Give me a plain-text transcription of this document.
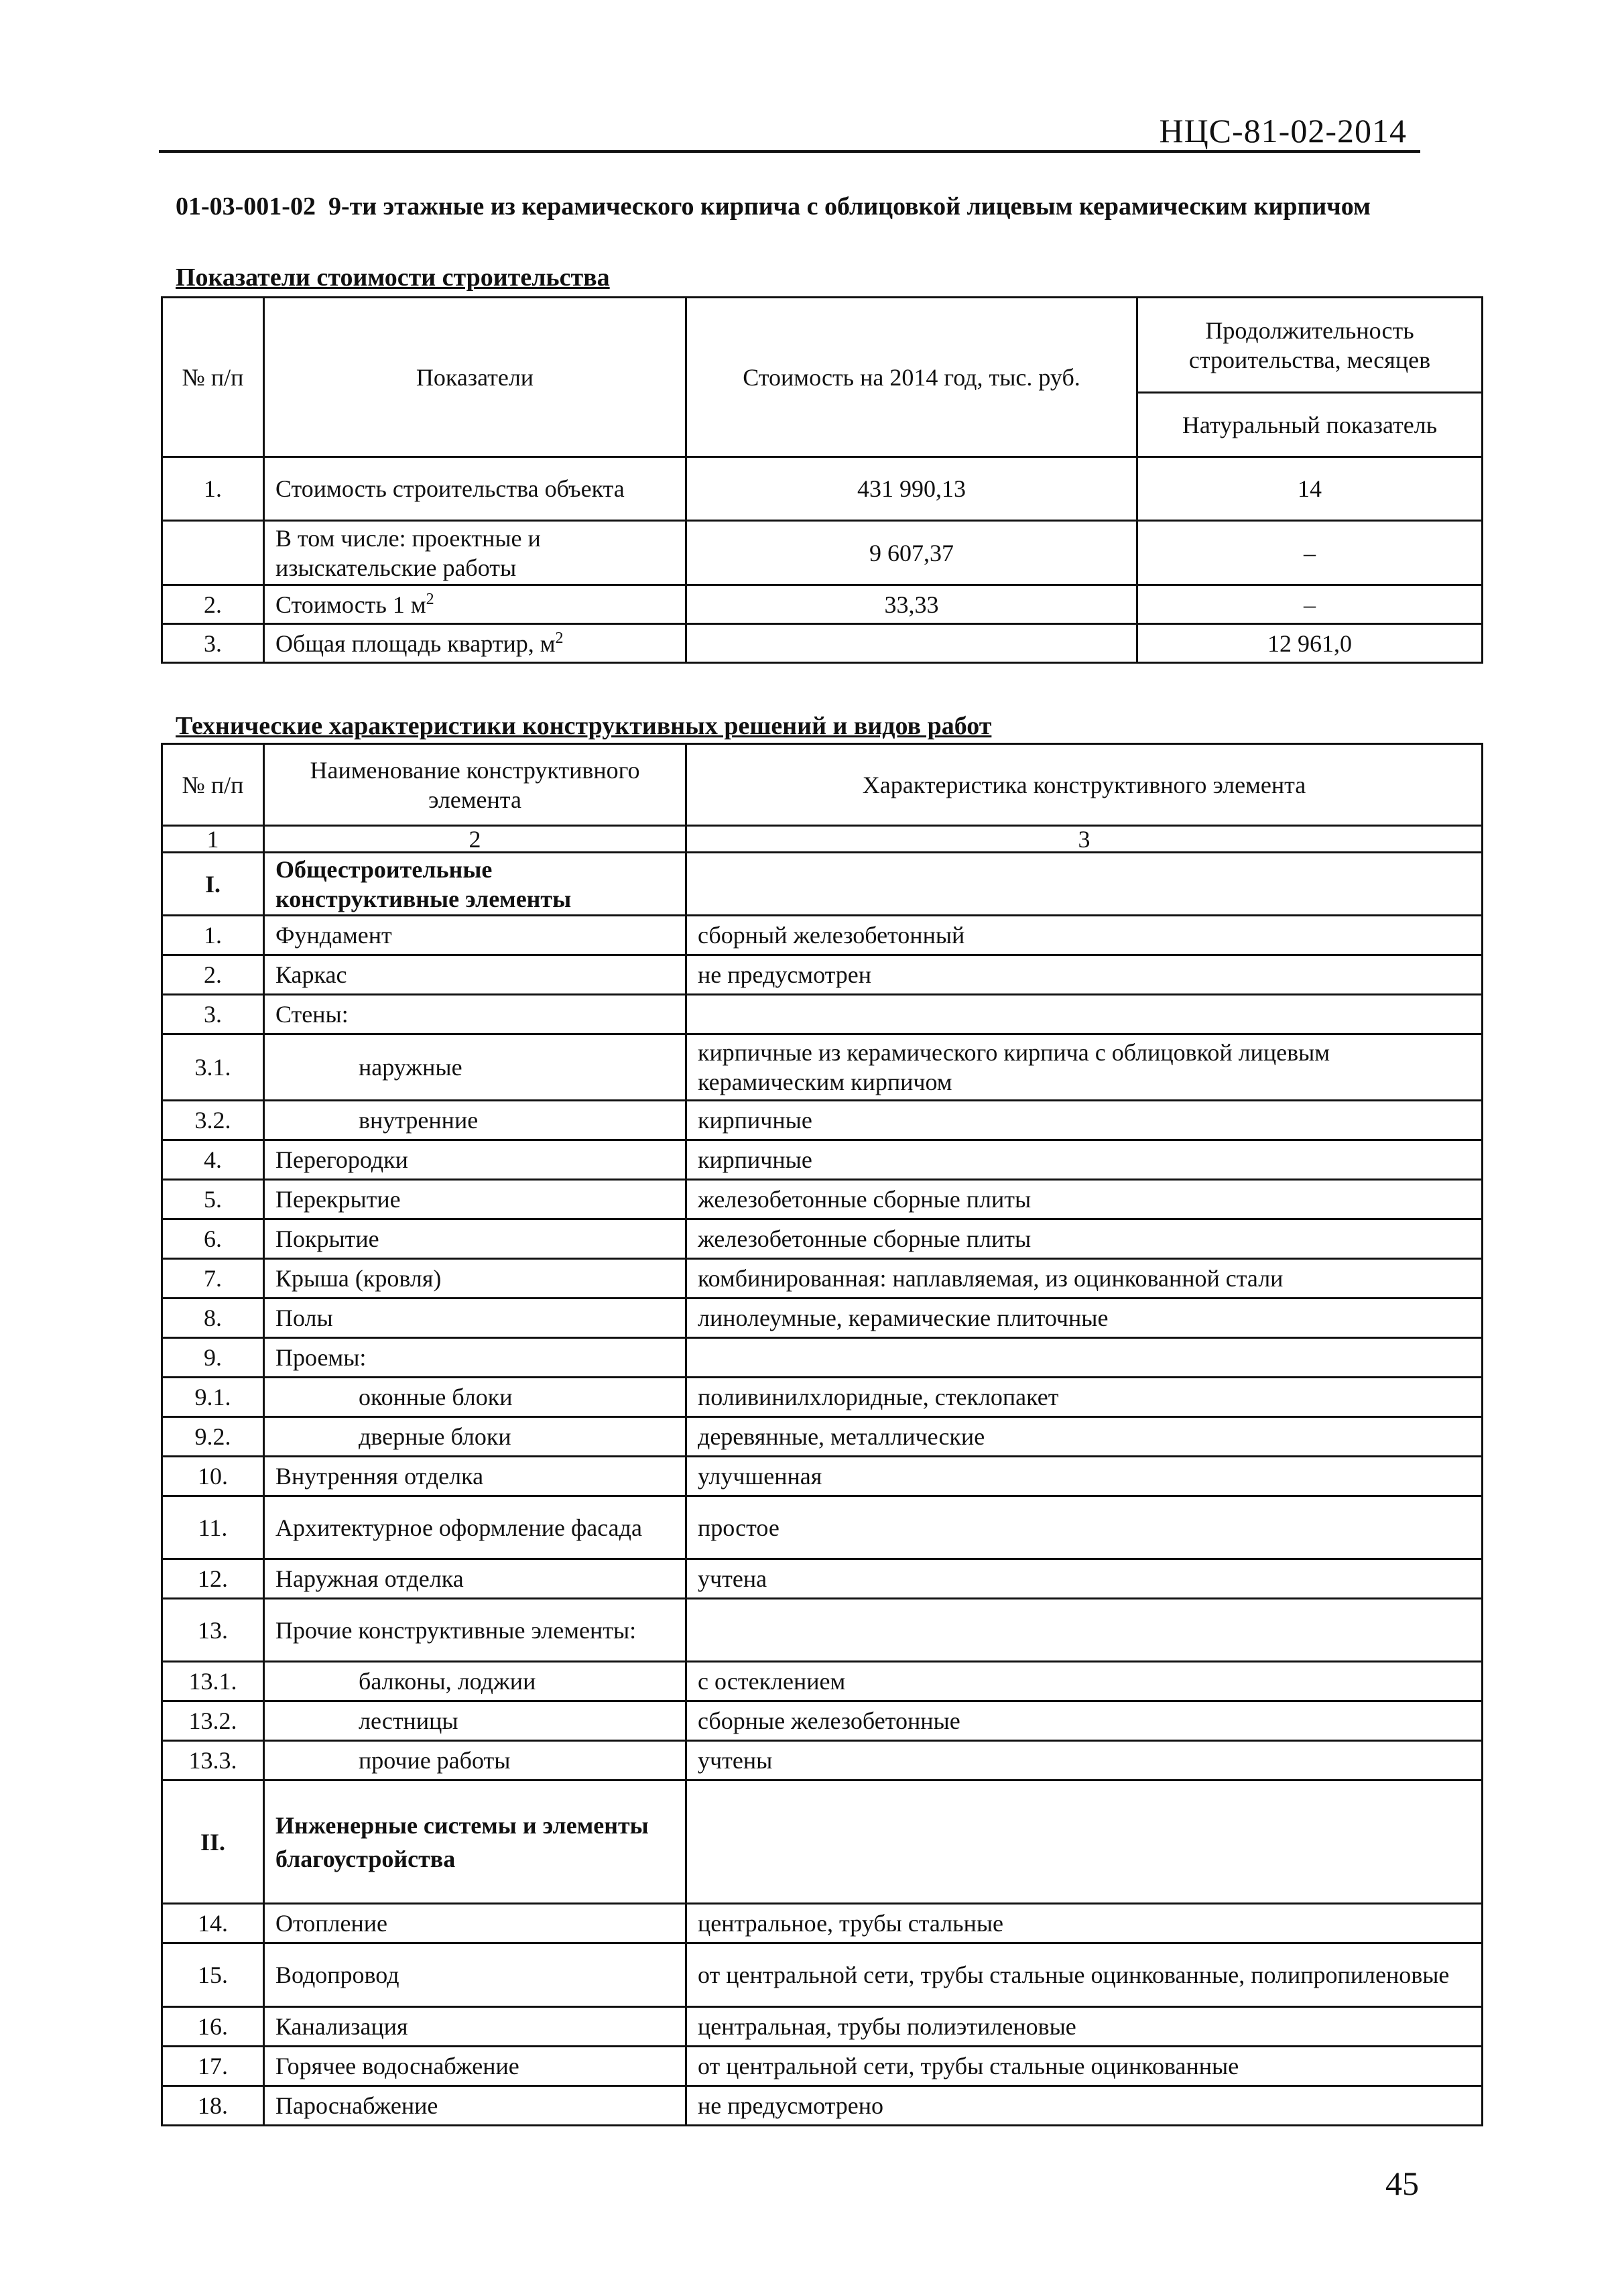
НЦС-81-02-2014
01-03-001-02 9-ти этажные из керамического кирпича с облицовкой лицевым керамическим кирпичом
Показатели стоимости строительства
№ п/п	Показатели	Стоимость на 2014 год, тыс. руб.	Продолжительность строительства, месяцев
			Натуральный показатель
1.	Стоимость строительства объекта	431 990,13	14
	В том числе: проектные и изыскательские работы	9 607,37	–
2.	Стоимость 1 $м^2$	33,33	–
3.	Общая площадь квартир, $м^2$		12 961,0
Технические характеристики конструктивных решений и видов работ
№ п/п	Наименование конструктивного элемента	Характеристика конструктивного элемента
1	2	3
I.	Общестроительные конструктивные элементы	
1.	Фундамент	сборный железобетонный
2.	Каркас	не предусмотрен
3.	Стены:	
3.1.	наружные	кирпичные из керамического кирпича с облицовкой лицевым керамическим кирпичом
3.2.	внутренние	кирпичные
4.	Перегородки	кирпичные
5.	Перекрытие	железобетонные сборные плиты
6.	Покрытие	железобетонные сборные плиты
7.	Крыша (кровля)	комбинированная: наплавляемая, из оцинкованной стали
8.	Полы	линолеумные, керамические плиточные
9.	Проемы:	
9.1.	оконные блоки	поливинилхлоридные, стеклопакет
9.2.	дверные блоки	деревянные, металлические
10.	Внутренняя отделка	улучшенная
11.	Архитектурное оформление фасада	простое
12.	Наружная отделка	учтена
13.	Прочие конструктивные элементы:	
13.1.	балконы, лоджии	с остеклением
13.2.	лестницы	сборные железобетонные
13.3.	прочие работы	учтены
II.	Инженерные системы и элементы благоустройства	
14.	Отопление	центральное, трубы стальные
15.	Водопровод	от центральной сети, трубы стальные оцинкованные, полипропиленовые
16.	Канализация	центральная, трубы полиэтиленовые
17.	Горячее водоснабжение	от центральной сети, трубы стальные оцинкованные
18.	Пароснабжение	не предусмотрено
45
